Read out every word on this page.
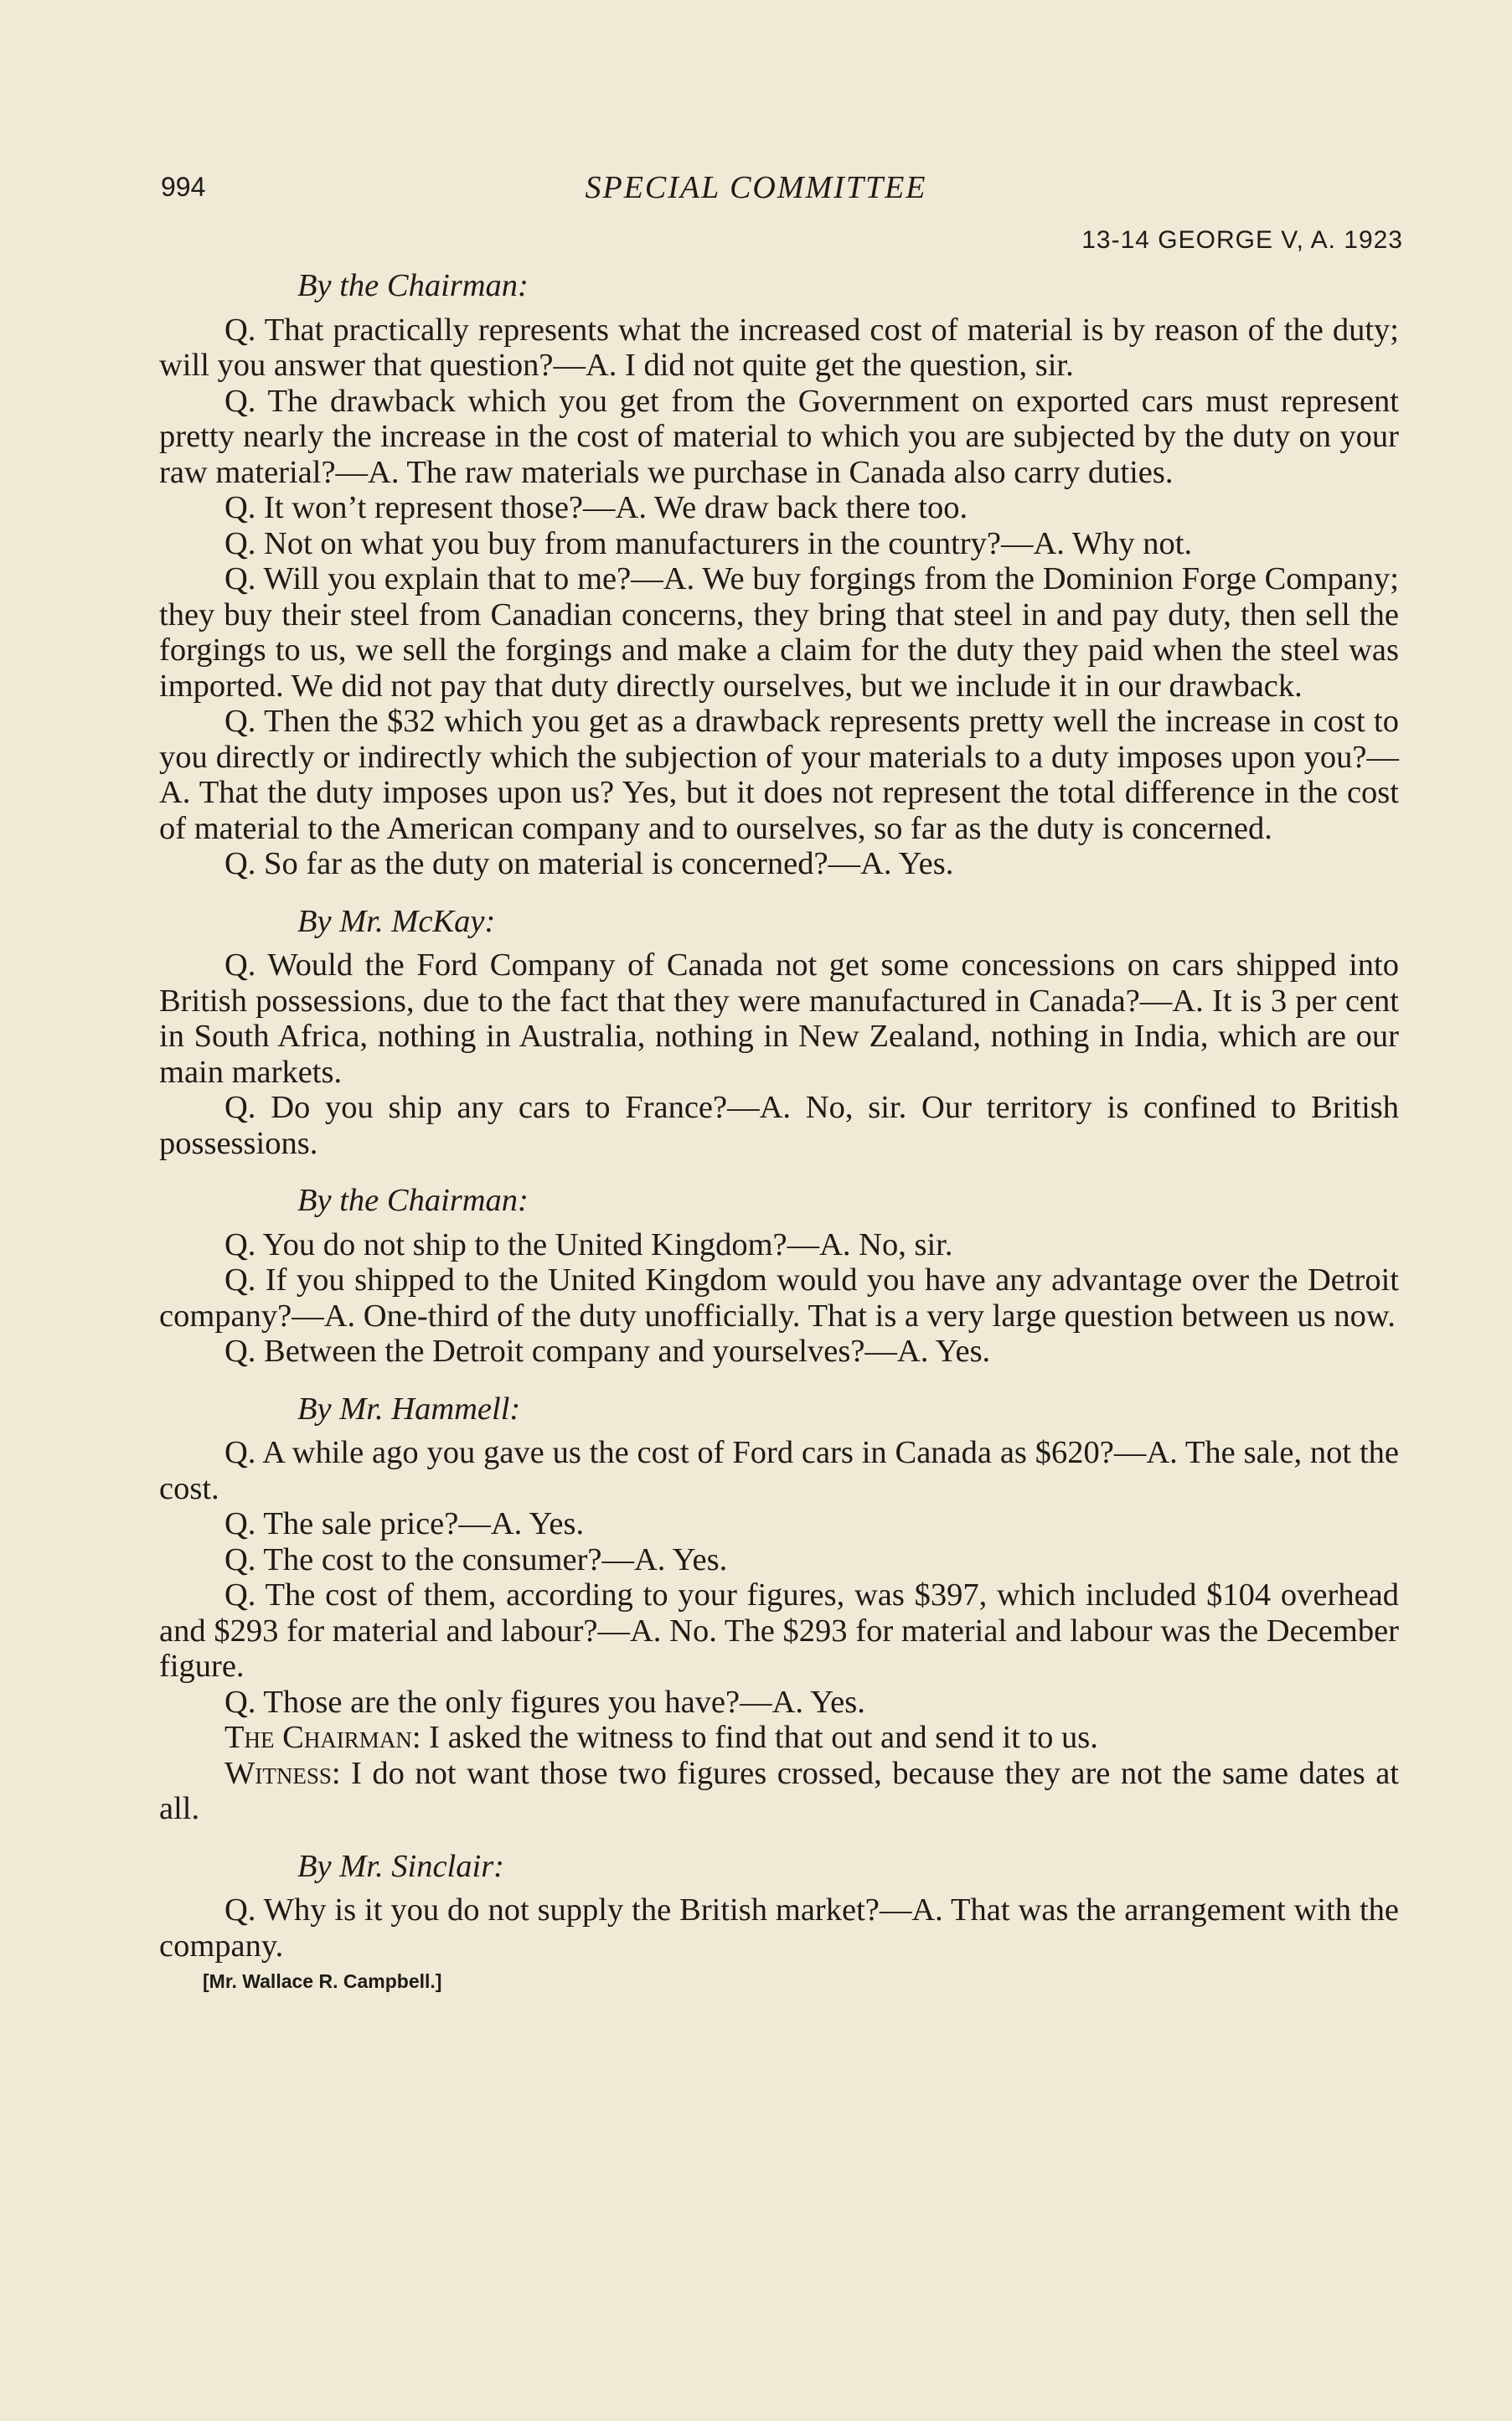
994	SPECIAL COMMITTEE
13-14 GEORGE V, A. 1923

By the Chairman:

Q. That practically represents what the increased cost of material is by reason of the duty; will you answer that question?—A. I did not quite get the question, sir.

Q. The drawback which you get from the Government on exported cars must represent pretty nearly the increase in the cost of material to which you are subjected by the duty on your raw material?—A. The raw materials we purchase in Canada also carry duties.

Q. It won’t represent those?—A. We draw back there too.

Q. Not on what you buy from manufacturers in the country?—A. Why not.

Q. Will you explain that to me?—A. We buy forgings from the Dominion Forge Company; they buy their steel from Canadian concerns, they bring that steel in and pay duty, then sell the forgings to us, we sell the forgings and make a claim for the duty they paid when the steel was imported. We did not pay that duty directly ourselves, but we include it in our drawback.

Q. Then the $32 which you get as a drawback represents pretty well the increase in cost to you directly or indirectly which the subjection of your materials to a duty imposes upon you?—A. That the duty imposes upon us? Yes, but it does not represent the total difference in the cost of material to the American company and to ourselves, so far as the duty is concerned.

Q. So far as the duty on material is concerned?—A. Yes.

By Mr. McKay:

Q. Would the Ford Company of Canada not get some concessions on cars shipped into British possessions, due to the fact that they were manufactured in Canada?—A. It is 3 per cent in South Africa, nothing in Australia, nothing in New Zealand, nothing in India, which are our main markets.

Q. Do you ship any cars to France?—A. No, sir. Our territory is confined to British possessions.

By the Chairman:

Q. You do not ship to the United Kingdom?—A. No, sir.

Q. If you shipped to the United Kingdom would you have any advantage over the Detroit company?—A. One-third of the duty unofficially. That is a very large question between us now.

Q. Between the Detroit company and yourselves?—A. Yes.

By Mr. Hammell:

Q. A while ago you gave us the cost of Ford cars in Canada as $620?—A. The sale, not the cost.

Q. The sale price?—A. Yes.

Q. The cost to the consumer?—A. Yes.

Q. The cost of them, according to your figures, was $397, which included $104 overhead and $293 for material and labour?—A. No. The $293 for material and labour was the December figure.

Q. Those are the only figures you have?—A. Yes.

The Chairman: I asked the witness to find that out and send it to us.

Witness: I do not want those two figures crossed, because they are not the same dates at all.

By Mr. Sinclair:

Q. Why is it you do not supply the British market?—A. That was the arrangement with the company.

[Mr. Wallace R. Campbell.]
